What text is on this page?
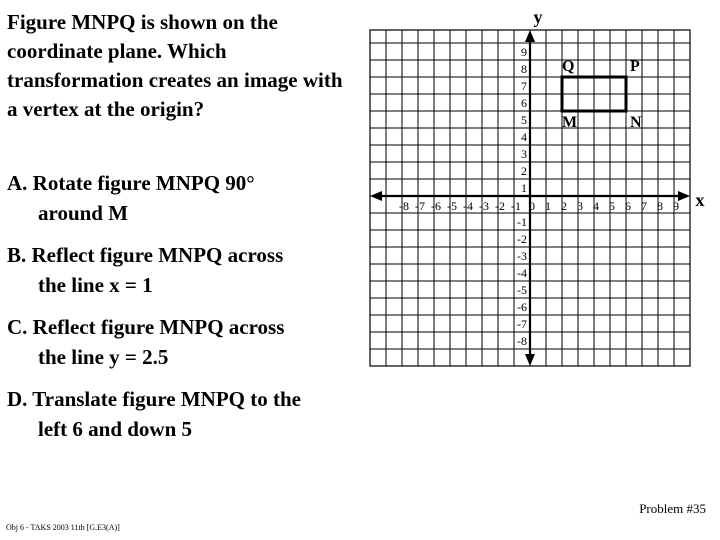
Figure MNPQ is shown on the coordinate plane. Which transformation creates an image with a vertex at the origin?

A. Rotate figure MNPQ 90°
around M
B. Reflect figure MNPQ across
the line x = 1
C. Reflect figure MNPQ across
the line y = 2.5
D. Translate figure MNPQ to the
left 6 and down 5
-8 -7 -6 -5 -4 -3 -2 -1 0 1 2 3 4 5 6 7 8 9
9
8
7
6
5
4
3
2
1
-1
-2
-3
-4
-5
-6
-7
-8
M	N
P
Q
x
y
Problem #35
Obj 6 - TAKS 2003 11th [G.E3(A)]
